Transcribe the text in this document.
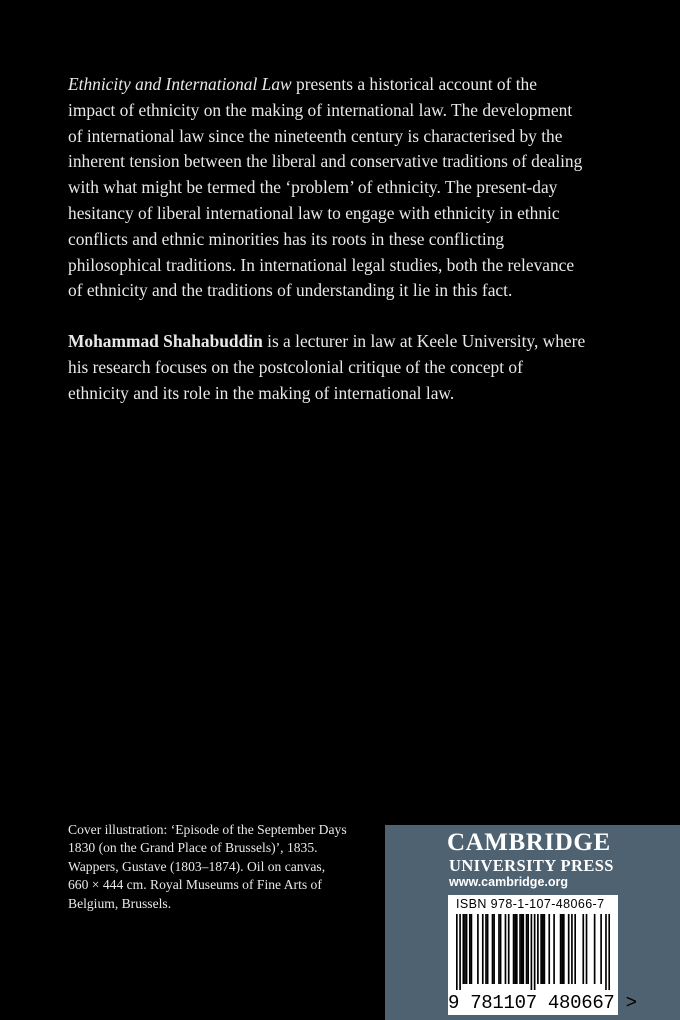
Ethnicity and International Law presents a historical account of the impact of ethnicity on the making of international law. The development of international law since the nineteenth century is characterised by the inherent tension between the liberal and conservative traditions of dealing with what might be termed the ‘problem’ of ethnicity. The present-day hesitancy of liberal international law to engage with ethnicity in ethnic conflicts and ethnic minorities has its roots in these conflicting philosophical traditions. In international legal studies, both the relevance of ethnicity and the traditions of understanding it lie in this fact.

Mohammad Shahabuddin is a lecturer in law at Keele University, where his research focuses on the postcolonial critique of the concept of ethnicity and its role in the making of international law.

Cover illustration: ‘Episode of the September Days 1830 (on the Grand Place of Brussels)’, 1835. Wappers, Gustave (1803–1874). Oil on canvas, 660 × 444 cm. Royal Museums of Fine Arts of Belgium, Brussels.
CAMBRIDGE
UNIVERSITY PRESS
www.cambridge.org
ISBN 978-1-107-48066-7
9 781107 480667 >
